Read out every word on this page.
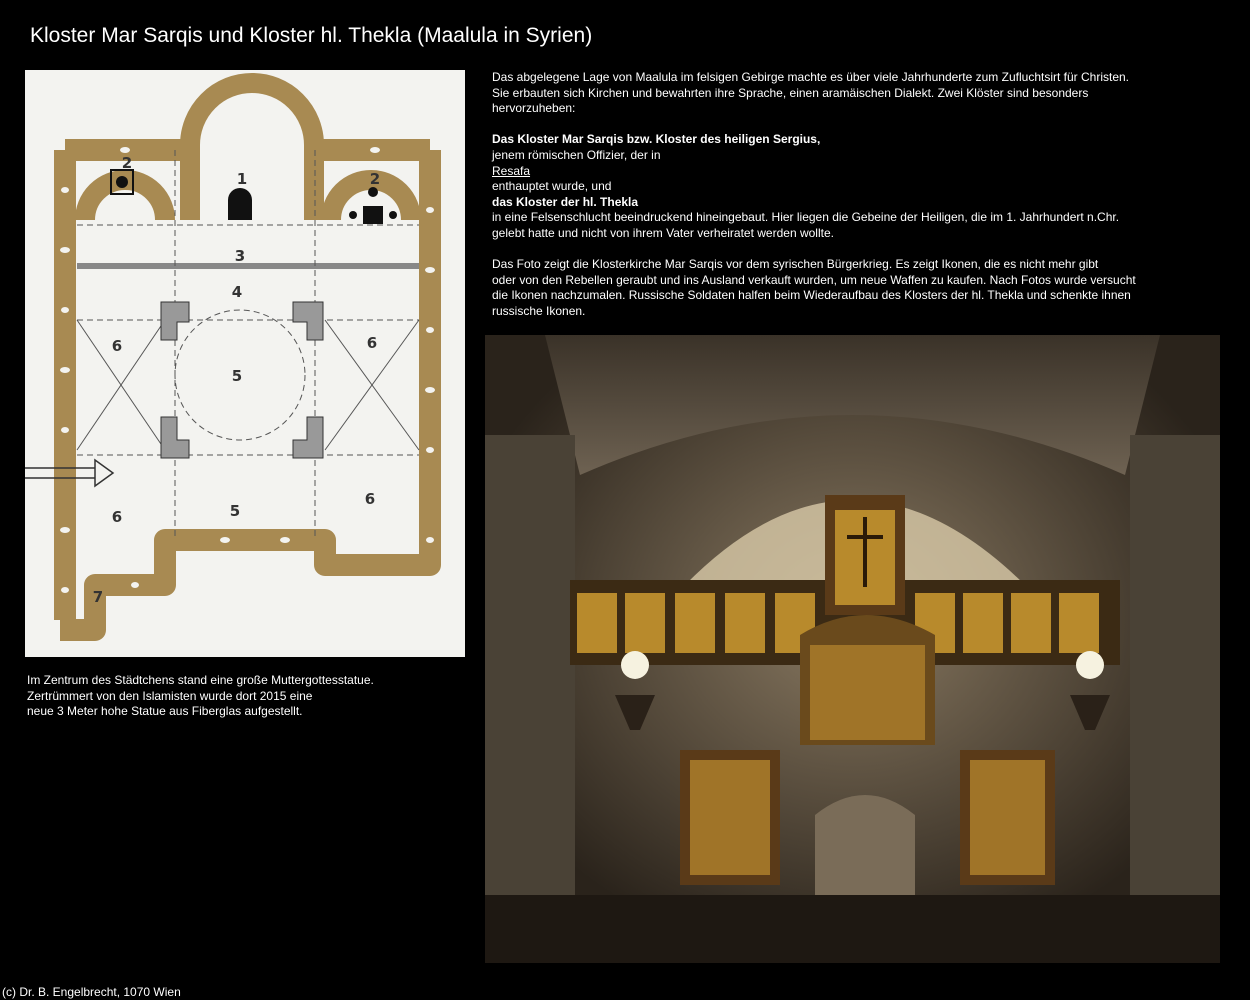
Kloster Mar Sarqis und Kloster hl. Thekla (Maalula in Syrien)
1
2
2
3
4
5
5
6	6
6
6
7
Im Zentrum des Städtchens stand eine große Muttergottesstatue.
Zertrümmert von den Islamisten wurde dort 2015 eine
neue 3 Meter hohe Statue aus Fiberglas aufgestellt.
Das abgelegene Lage von Maalula im felsigen Gebirge machte es über viele Jahrhunderte zum Zufluchtsirt für Christen.
Sie erbauten sich Kirchen und bewahrten ihre Sprache, einen aramäischen Dialekt. Zwei Klöster sind besonders
hervorzuheben:
Das Kloster Mar Sarqis bzw. Kloster des heiligen Sergius,
jenem römischen Offizier, der in
Resafa
enthauptet wurde, und
das Kloster der hl. Thekla
in eine Felsenschlucht beeindruckend hineingebaut. Hier liegen die Gebeine der Heiligen, die im 1. Jahrhundert n.Chr.
gelebt hatte und nicht von ihrem Vater verheiratet werden wollte.
Das Foto zeigt die Klosterkirche Mar Sarqis vor dem syrischen Bürgerkrieg. Es zeigt Ikonen, die es nicht mehr gibt
oder von den Rebellen geraubt und ins Ausland verkauft wurden, um neue Waffen zu kaufen. Nach Fotos wurde versucht
die Ikonen nachzumalen. Russische Soldaten halfen beim Wiederaufbau des Klosters der hl. Thekla und schenkte ihnen
russische Ikonen.
(c) Dr. B. Engelbrecht, 1070 Wien
